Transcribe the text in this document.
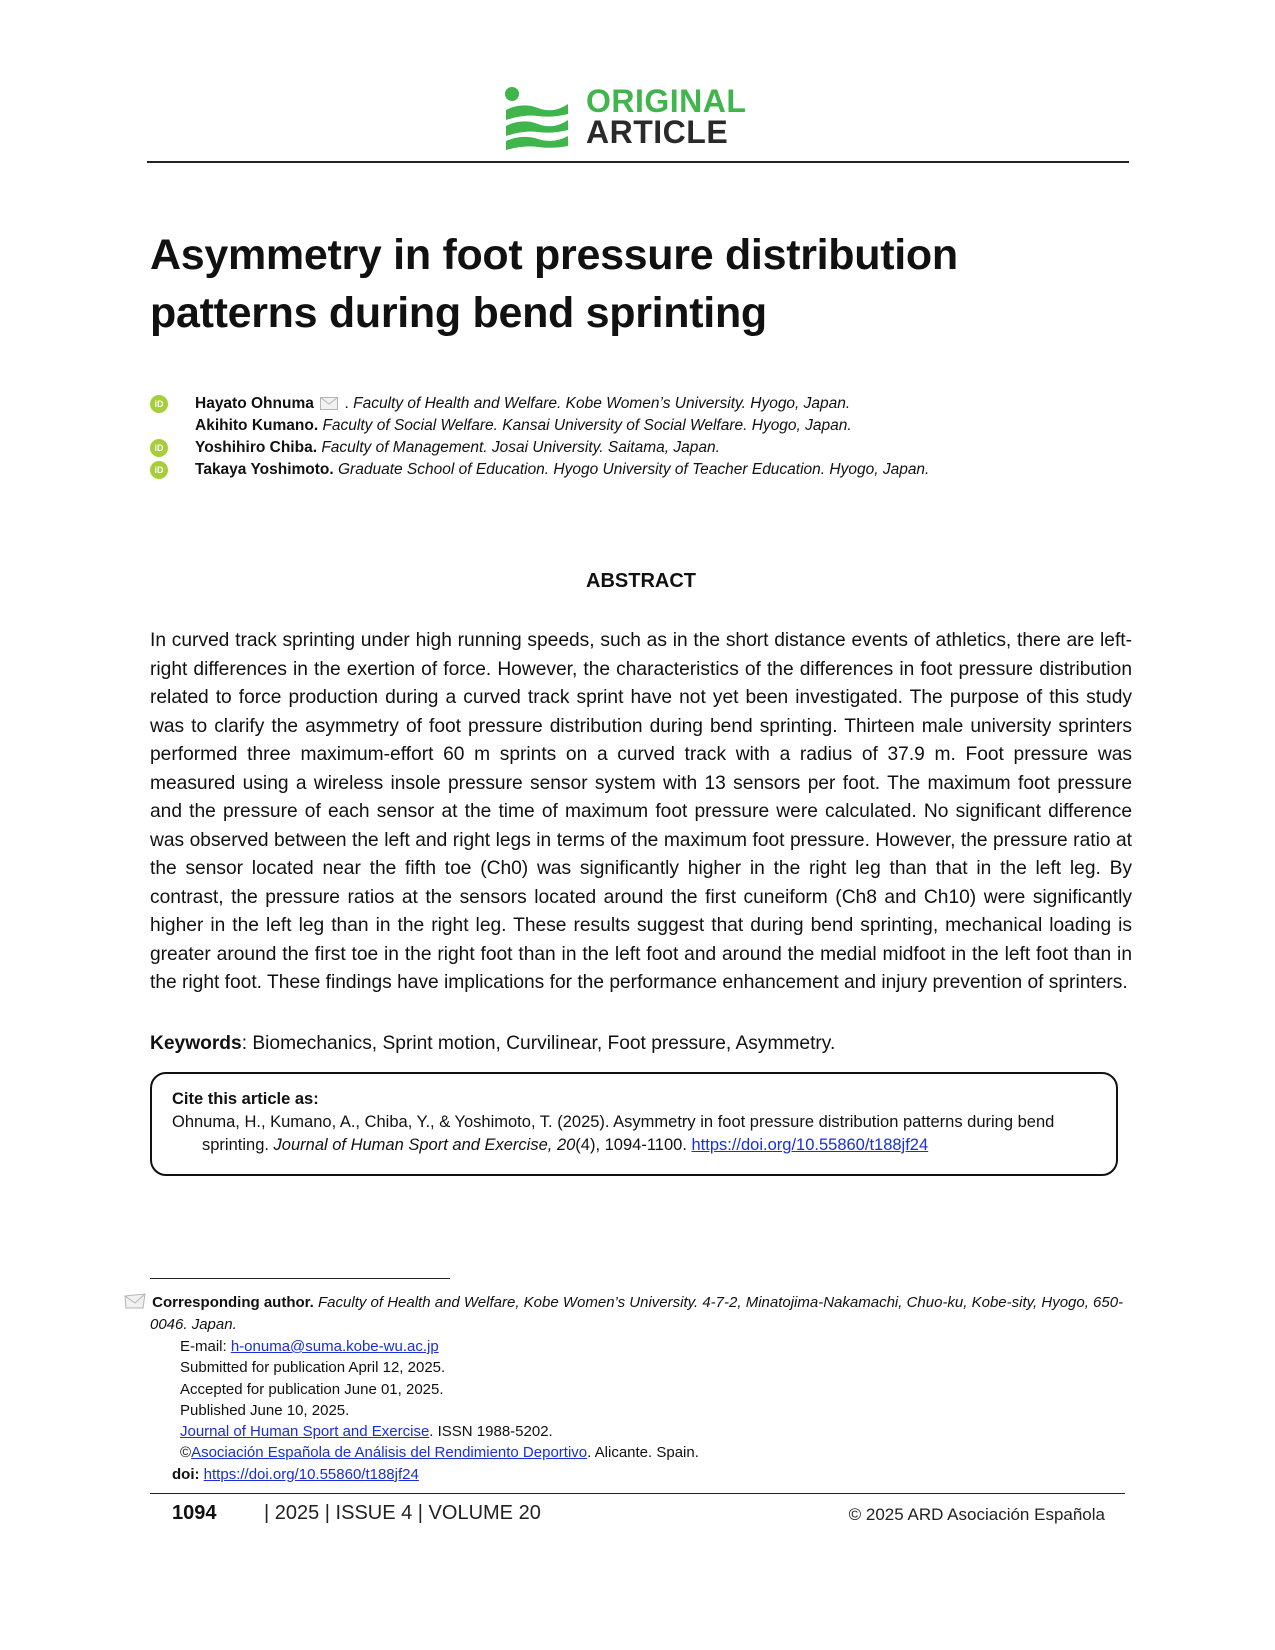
ORIGINAL
ARTICLE
Asymmetry in foot pressure distribution patterns during bend sprinting
iD Hayato Ohnuma . Faculty of Health and Welfare. Kobe Women’s University. Hyogo, Japan.
Akihito Kumano. Faculty of Social Welfare. Kansai University of Social Welfare. Hyogo, Japan.
iD Yoshihiro Chiba. Faculty of Management. Josai University. Saitama, Japan.
iD Takaya Yoshimoto. Graduate School of Education. Hyogo University of Teacher Education. Hyogo, Japan.
ABSTRACT
In curved track sprinting under high running speeds, such as in the short distance events of athletics, there are left-right differences in the exertion of force. However, the characteristics of the differences in foot pressure distribution related to force production during a curved track sprint have not yet been investigated. The purpose of this study was to clarify the asymmetry of foot pressure distribution during bend sprinting. Thirteen male university sprinters performed three maximum-effort 60 m sprints on a curved track with a radius of 37.9 m. Foot pressure was measured using a wireless insole pressure sensor system with 13 sensors per foot. The maximum foot pressure and the pressure of each sensor at the time of maximum foot pressure were calculated. No significant difference was observed between the left and right legs in terms of the maximum foot pressure. However, the pressure ratio at the sensor located near the fifth toe (Ch0) was significantly higher in the right leg than that in the left leg. By contrast, the pressure ratios at the sensors located around the first cuneiform (Ch8 and Ch10) were significantly higher in the left leg than in the right leg. These results suggest that during bend sprinting, mechanical loading is greater around the first toe in the right foot than in the left foot and around the medial midfoot in the left foot than in the right foot. These findings have implications for the performance enhancement and injury prevention of sprinters.
Keywords: Biomechanics, Sprint motion, Curvilinear, Foot pressure, Asymmetry.
Cite this article as:
Ohnuma, H., Kumano, A., Chiba, Y., & Yoshimoto, T. (2025). Asymmetry in foot pressure distribution patterns during bend sprinting. Journal of Human Sport and Exercise, 20(4), 1094-1100. https://doi.org/10.55860/t188jf24
Corresponding author. Faculty of Health and Welfare, Kobe Women’s University. 4-7-2, Minatojima-Nakamachi, Chuo-ku, Kobe-sity, Hyogo, 650-0046. Japan.
E-mail: h-onuma@suma.kobe-wu.ac.jp
Submitted for publication April 12, 2025.
Accepted for publication June 01, 2025.
Published June 10, 2025.
Journal of Human Sport and Exercise. ISSN 1988-5202.
©Asociación Española de Análisis del Rendimiento Deportivo. Alicante. Spain.
doi: https://doi.org/10.55860/t188jf24
1094 | 2025 | ISSUE 4 | VOLUME 20	© 2025 ARD Asociación Española
